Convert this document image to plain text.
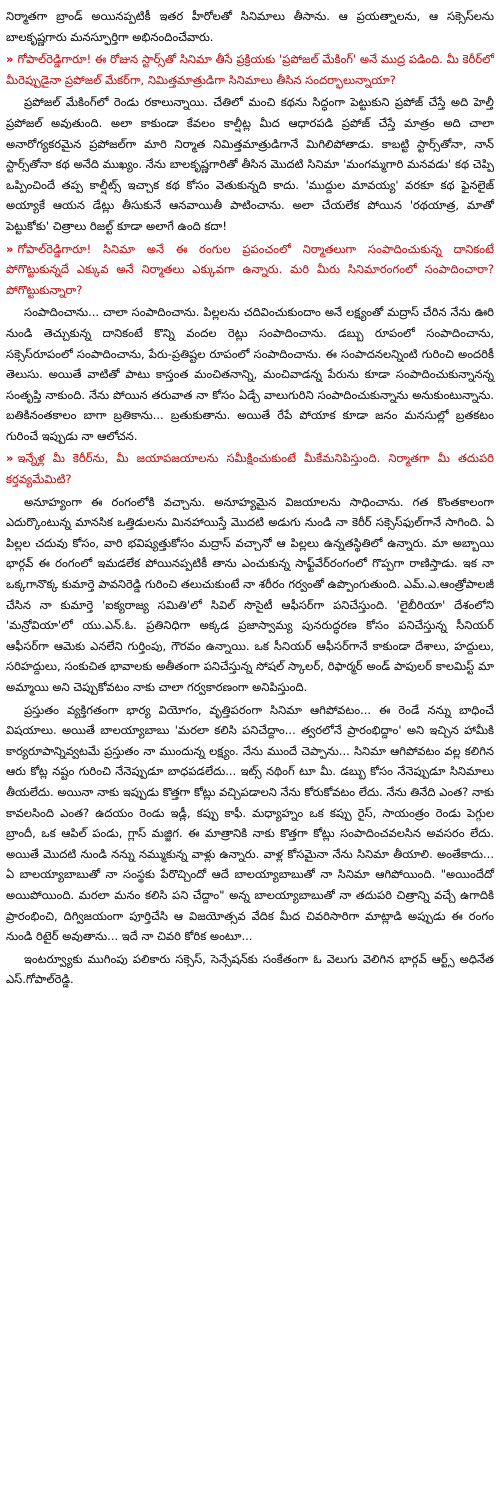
నిర్మాతగా బ్రాండ్ అయినప్పటికీ ఇతర హీరోలతో సినిమాలు తీసాను. ఆ ప్రయత్నాలను, ఆ సక్సెస్‌లను బాలకృష్ణగారు మనస్ఫూర్తిగా అభినందించేవారు.

» గోపాల్‌రెడ్డిగారూ! ఈ రోజున స్టార్స్‌తో సినిమా తీసే ప్రక్రియకు 'ప్రపోజల్ మేకింగ్' అనే ముద్ర పడింది. మీ కెరీర్‌లో మీరెప్పుడైనా ప్రపోజల్ మేకర్‌గా, నిమిత్తమాత్రుడిగా సినిమాలు తీసిన సందర్భాలున్నాయా?

ప్రపోజల్ మేకింగ్‌లో రెండు రకాలున్నాయి. చేతిలో మంచి కథను సిద్ధంగా పెట్టుకుని ప్రపోజ్ చేస్తే అది హెల్తీ ప్రపోజల్ అవుతుంది. అలా కాకుండా కేవలం కాల్షీట్ల మీద ఆధారపడి ప్రపోజ్ చేస్తే మాత్రం అది చాలా అనారోగ్యకరమైన ప్రపోజల్‌గా మారి నిర్మాత నిమిత్తమాత్రుడిగానే మిగిలిపోతాడు. కాబట్టి స్టార్స్‌తోనా, నాన్ స్టార్స్‌తోనా కథ అనేది ముఖ్యం. నేను బాలకృష్ణగారితో తీసిన మొదటి సినిమా 'మంగమ్మగారి మనవడు' కథ చెప్పి ఒప్పించిందే తప్ప కాల్షీట్స్ ఇచ్చాక కథ కోసం వెతుకున్నది కాదు. 'ముద్దుల మావయ్య' వరకూ కథ ఫైనలైజ్ అయ్యాకే ఆయన డేట్లు తీసుకునే ఆనవాయితీ పాటించాను. అలా చేయలేక పోయిన 'రథయాత్ర, మాతో పెట్టుకోకు' చిత్రాలు రిజల్ట్ కూడా అలాగే ఉంది కదా!

» గోపాల్‌రెడ్డిగారూ! సినిమా అనే ఈ రంగుల ప్రపంచంలో నిర్మాతలుగా సంపాదించుకున్న దానికంటే పోగొట్టుకున్నదే ఎక్కువ అనే నిర్మాతలు ఎక్కువగా ఉన్నారు. మరి మీరు సినిమారంగంలో సంపాదించారా? పోగొట్టుకున్నారా?

సంపాదించాను... చాలా సంపాదించాను. పిల్లలను చదివించుకుందాం అనే లక్ష్యంతో మద్రాస్ చేరిన నేను ఊరి నుండి తెచ్చుకున్న దానికంటే కొన్ని వందల రెట్లు సంపాదించాను. డబ్బు రూపంలో సంపాదించాను, సక్సెస్‌రూపంలో సంపాదించాను, పేరు-ప్రతిష్టల రూపంలో సంపాదించాను. ఈ సంపాదనలన్నింటి గురించి అందరికీ తెలుసు. అయితే వాటితో పాటు కాస్తంత మంచితనాన్ని, మంచివాడన్న పేరును కూడా సంపాదించుకున్నానన్న సంతృప్తి నాకుంది. నేను పోయిన తరువాత నా కోసం ఏడ్చే వాలుగురిని సంపాదించుకున్నాను అనుకుంటున్నాను. బతికినంతకాలం బాగా బ్రతికాను... బ్రతుకుతాను. అయితే రేపే పోయాక కూడా జనం మనసుల్లో బ్రతకటం గురించే ఇప్పుడు నా ఆలోచన.

» ఇన్నేళ్ల మీ కెరీర్‌ను, మీ జయాపజయాలను సమీక్షించుకుంటే మీకేమనిపిస్తుంది. నిర్మాతగా మీ తదుపరి కర్తవ్యమేమిటి?

అనూహ్యంగా ఈ రంగంలోకి వచ్చాను. అనూహ్యమైన విజయాలను సాధించాను. గత కొంతకాలంగా ఎదుర్కొంటున్న మానసిక ఒత్తిడులను మినహాయిస్తే మొదటి అడుగు నుండి నా కెరీర్ సక్సెస్‌ఫుల్‌గానే సాగింది. ఏ పిల్లల చదువు కోసం, వారి భవిష్యత్తుకోసం మద్రాస్ వచ్చానో ఆ పిల్లలు ఉన్నతస్థితిలో ఉన్నారు. మా అబ్బాయి భార్గవ్ ఈ రంగంలో ఇమడలేక పోయినప్పటికీ తాను ఎంచుకున్న సాఫ్ట్‌వేర్‌రంగంలో గొప్పగా రాణిస్తాడు. ఇక నా ఒక్కగానొక్క కుమార్తె పావనిరెడ్డి గురించి తలుచుకుంటే నా శరీరం గర్వంతో ఉప్పొంగుతుంది. ఎమ్.ఎ.ఆంత్రోపాలజీ చేసిన నా కుమార్తె 'ఐక్యరాజ్య సమితి'లో సివిల్ సొసైటీ ఆఫీసర్‌గా పనిచేస్తుంది. 'లైబీరియా' దేశంలోని 'మన్రోవియా'లో యు.ఎన్.ఓ. ప్రతినిధిగా అక్కడ ప్రజాస్వామ్య పునరుద్ధరణ కోసం పనిచేస్తున్న సీనియర్ ఆఫీసర్‌గా ఆమెకు ఎనలేని గుర్తింపు, గౌరవం ఉన్నాయి. ఒక సీనియర్ ఆఫీసర్‌గానే కాకుండా దేశాలు, హద్దులు, సరిహద్దులు, సంకుచిత భావాలకు అతీతంగా పనిచేస్తున్న సోషల్ స్కాలర్, రిఫార్మర్ అండ్ పాపులర్ కాలమిస్ట్ మా అమ్మాయి అని చెప్పుకోవటం నాకు చాలా గర్వకారణంగా అనిపిస్తుంది.

ప్రస్తుతం వ్యక్తిగతంగా భార్య వియోగం, వృత్తిపరంగా సినిమా ఆగిపోవటం... ఈ రెండే నన్ను బాధించే విషయాలు. అయితే బాలయ్యాబాబు 'మరలా కలిసి పనిచేద్దాం... త్వరలోనే ప్రారంభిద్దాం' అని ఇచ్చిన హామీకి కార్యరూపాన్నివ్వటమే ప్రస్తుతం నా ముందున్న లక్ష్యం. నేను ముందే చెప్పాను... సినిమా ఆగిపోవటం వల్ల కలిగిన ఆరు కోట్ల నష్టం గురించి నేనెప్పుడూ బాధపడలేదు... ఇట్స్ నథింగ్ టూ మీ. డబ్బు కోసం నేనెప్పుడూ సినిమాలు తీయలేదు. అయినా నాకు ఇప్పుడు కొత్తగా కోట్లు వచ్చిపడాలని నేను కోరుకోవటం లేదు. నేను తినేది ఎంత? నాకు కావలసింది ఎంత? ఉదయం రెండు ఇడ్లీ, కప్పు కాఫీ. మధ్యాహ్నం ఒక కప్పు రైస్, సాయంత్రం రెండు పెగ్గుల బ్రాందీ, ఒక ఆపిల్ పండు, గ్లాస్ మజ్జిగ. ఈ మాత్రానికి నాకు కొత్తగా కోట్లు సంపాదించవలసిన అవసరం లేదు. అయితే మొదటి నుండి నన్ను నమ్ముకున్న వాళ్లు ఉన్నారు. వాళ్ల కోసమైనా నేను సినిమా తీయాలి. అంతేకాదు... ఏ బాలయ్యాబాబుతో నా సంస్థకు పేరొచ్చిందో ఆదే బాలయ్యాబాబుతో నా సినిమా ఆగిపోయింది. "అయిందేదో అయిపోయింది. మరలా మనం కలిసి పని చేద్దాం" అన్న బాలయ్యాబాబుతో నా తదుపరి చిత్రాన్ని వచ్చే ఉగాదికి ప్రారంభించి, దిగ్విజయంగా పూర్తిచేసి ఆ విజయోత్సవ వేదిక మీద చివరిసారిగా మాట్లాడి అప్పుడు ఈ రంగం నుండి రిటైర్ అవుతాను... ఇదే నా చివరి కోరిక అంటూ...

ఇంటర్వ్యూకు ముగింపు పలికారు సక్సెస్, సెన్సేషన్‌కు సంకేతంగా ఓ వెలుగు వెలిగిన భార్గవ్ ఆర్ట్స్ అధినేత ఎస్.గోపాల్‌రెడ్డి.
